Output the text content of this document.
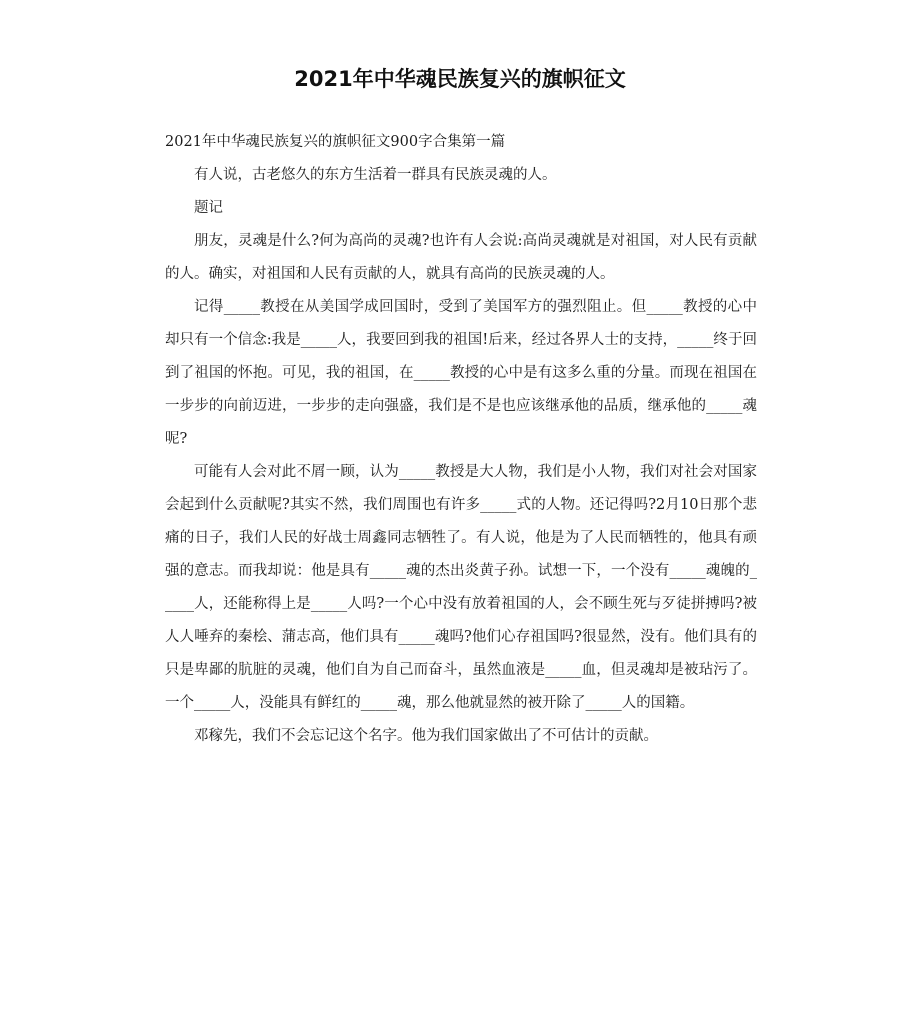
2021年中华魂民族复兴的旗帜征文

2021年中华魂民族复兴的旗帜征文900字合集第一篇

有人说，古老悠久的东方生活着一群具有民族灵魂的人。

题记

朋友，灵魂是什么?何为高尚的灵魂?也许有人会说:高尚灵魂就是对祖国，对人民有贡献的人。确实，对祖国和人民有贡献的人，就具有高尚的民族灵魂的人。

记得_____教授在从美国学成回国时，受到了美国军方的强烈阻止。但_____教授的心中却只有一个信念:我是_____人，我要回到我的祖国!后来，经过各界人士的支持，_____终于回到了祖国的怀抱。可见，我的祖国，在_____教授的心中是有这多么重的分量。而现在祖国在一步步的向前迈进，一步步的走向强盛，我们是不是也应该继承他的品质，继承他的_____魂呢?

可能有人会对此不屑一顾，认为_____教授是大人物，我们是小人物，我们对社会对国家会起到什么贡献呢?其实不然，我们周围也有许多_____式的人物。还记得吗?2月10日那个悲痛的日子，我们人民的好战士周鑫同志牺牲了。有人说，他是为了人民而牺牲的，他具有顽强的意志。而我却说：他是具有_____魂的杰出炎黄子孙。试想一下，一个没有_____魂魄的_____人，还能称得上是_____人吗?一个心中没有放着祖国的人，会不顾生死与歹徒拼搏吗?被人人唾弃的秦桧、蒲志高，他们具有_____魂吗?他们心存祖国吗?很显然，没有。他们具有的只是卑鄙的肮脏的灵魂，他们自为自己而奋斗，虽然血液是_____血，但灵魂却是被玷污了。一个_____人，没能具有鲜红的_____魂，那么他就显然的被开除了_____人的国籍。

邓稼先，我们不会忘记这个名字。他为我们国家做出了不可估计的贡献。
